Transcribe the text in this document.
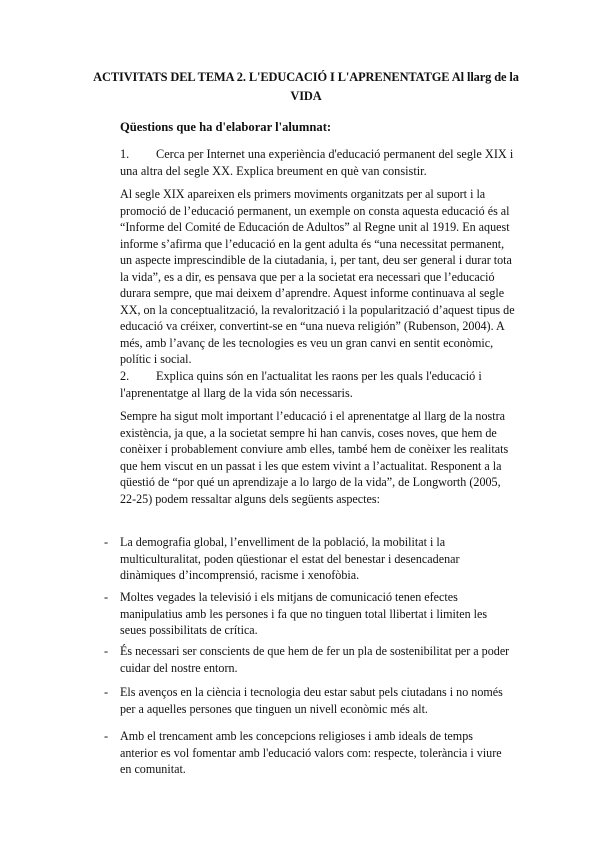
ACTIVITATS DEL TEMA 2. L'EDUCACIÓ I L'APRENENTATGE Al llarg de la VIDA
Qüestions que ha d'elaborar l'alumnat:
1.	Cerca per Internet una experiència d'educació permanent del segle XIX i una altra del segle XX. Explica breument en què van consistir.
Al segle XIX apareixen els primers moviments organitzats per al suport i la promoció de l’educació permanent, un exemple on consta aquesta educació és al “Informe del Comité de Educación de Adultos” al Regne unit al 1919. En aquest informe s’afirma que l’educació en la gent adulta és “una necessitat permanent, un aspecte imprescindible de la ciutadania, i, per tant, deu ser general i durar tota la vida”, es a dir, es pensava que per a la societat era necessari que l’educació durara sempre, que mai deixem d’aprendre. Aquest informe continuava al segle XX, on la conceptualització, la revalorització i la popularització d’aquest tipus de educació va créixer, convertint-se en “una nueva religión” (Rubenson, 2004). A més, amb l’avanç de les tecnologies es veu un gran canvi en sentit econòmic, polític i social.
2.	Explica quins són en l'actualitat les raons per les quals l'educació i l'aprenentatge al llarg de la vida són necessaris.
Sempre ha sigut molt important l’educació i el aprenentatge al llarg de la nostra existència, ja que, a la societat sempre hi han canvis, coses noves, que hem de conèixer i probablement conviure amb elles, també hem de conèixer les realitats que hem viscut en un passat i les que estem vivint a l’actualitat. Responent a la qüestió de “por qué un aprendizaje a lo largo de la vida”, de Longworth (2005, 22-25) podem ressaltar alguns dels següents aspectes:
- La demografia global, l’envelliment de la població, la mobilitat i la multiculturalitat, poden qüestionar el estat del benestar i desencadenar dinàmiques d’incomprensió, racisme i xenofòbia.
- Moltes vegades la televisió i els mitjans de comunicació tenen efectes manipulatius amb les persones i fa que no tinguen total llibertat i limiten les seues possibilitats de crítica.
- És necessari ser conscients de que hem de fer un pla de sostenibilitat per a poder cuidar del nostre entorn.
- Els avenços en la ciència i tecnologia deu estar sabut pels ciutadans i no només per a aquelles persones que tinguen un nivell econòmic més alt.
- Amb el trencament amb les concepcions religioses i amb ideals de temps anterior es vol fomentar amb l'educació valors com: respecte, tolerància i viure en comunitat.
